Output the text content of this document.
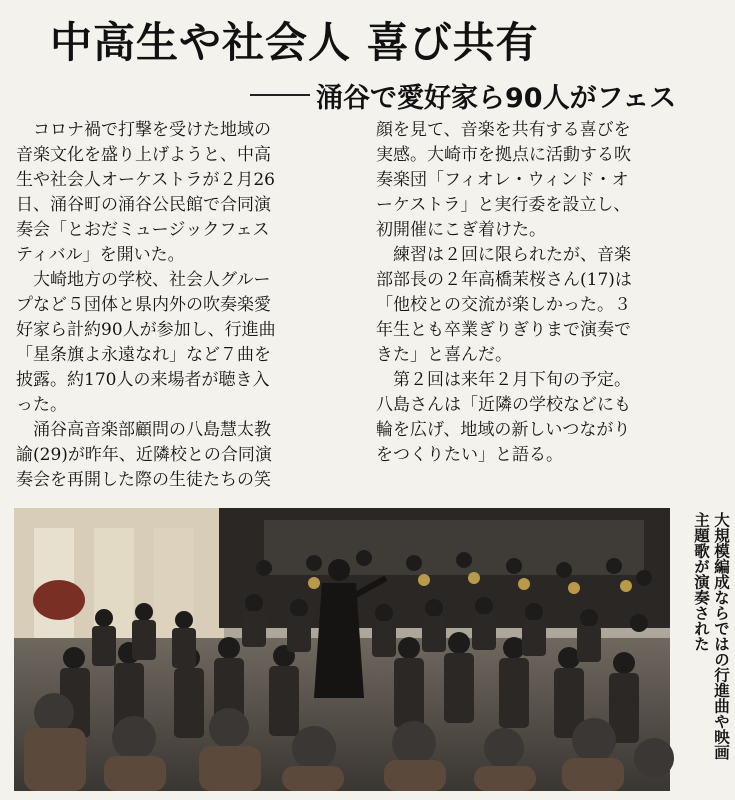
中高生や社会人 喜び共有
涌谷で愛好家ら90人がフェス
　コロナ禍で打撃を受けた地域の
音楽文化を盛り上げようと、中高
生や社会人オーケストラが２月26
日、涌谷町の涌谷公民館で合同演
奏会「とおだミュージックフェス
ティバル」を開いた。
　大崎地方の学校、社会人グルー
プなど５団体と県内外の吹奏楽愛
好家ら計約90人が参加し、行進曲
「星条旗よ永遠なれ」など７曲を
披露。約170人の来場者が聴き入
った。
　涌谷高音楽部顧問の八島慧太教
諭(29)が昨年、近隣校との合同演
奏会を再開した際の生徒たちの笑
顔を見て、音楽を共有する喜びを
実感。大崎市を拠点に活動する吹
奏楽団「フィオレ・ウィンド・オ
ーケストラ」と実行委を設立し、
初開催にこぎ着けた。
　練習は２回に限られたが、音楽
部部長の２年高橋茉桜さん(17)は
「他校との交流が楽しかった。３
年生とも卒業ぎりぎりまで演奏で
きた」と喜んだ。
　第２回は来年２月下旬の予定。
八島さんは「近隣の学校などにも
輪を広げ、地域の新しいつながり
をつくりたい」と語る。
大規模編成ならではの行進曲や映画
主題歌が演奏された
